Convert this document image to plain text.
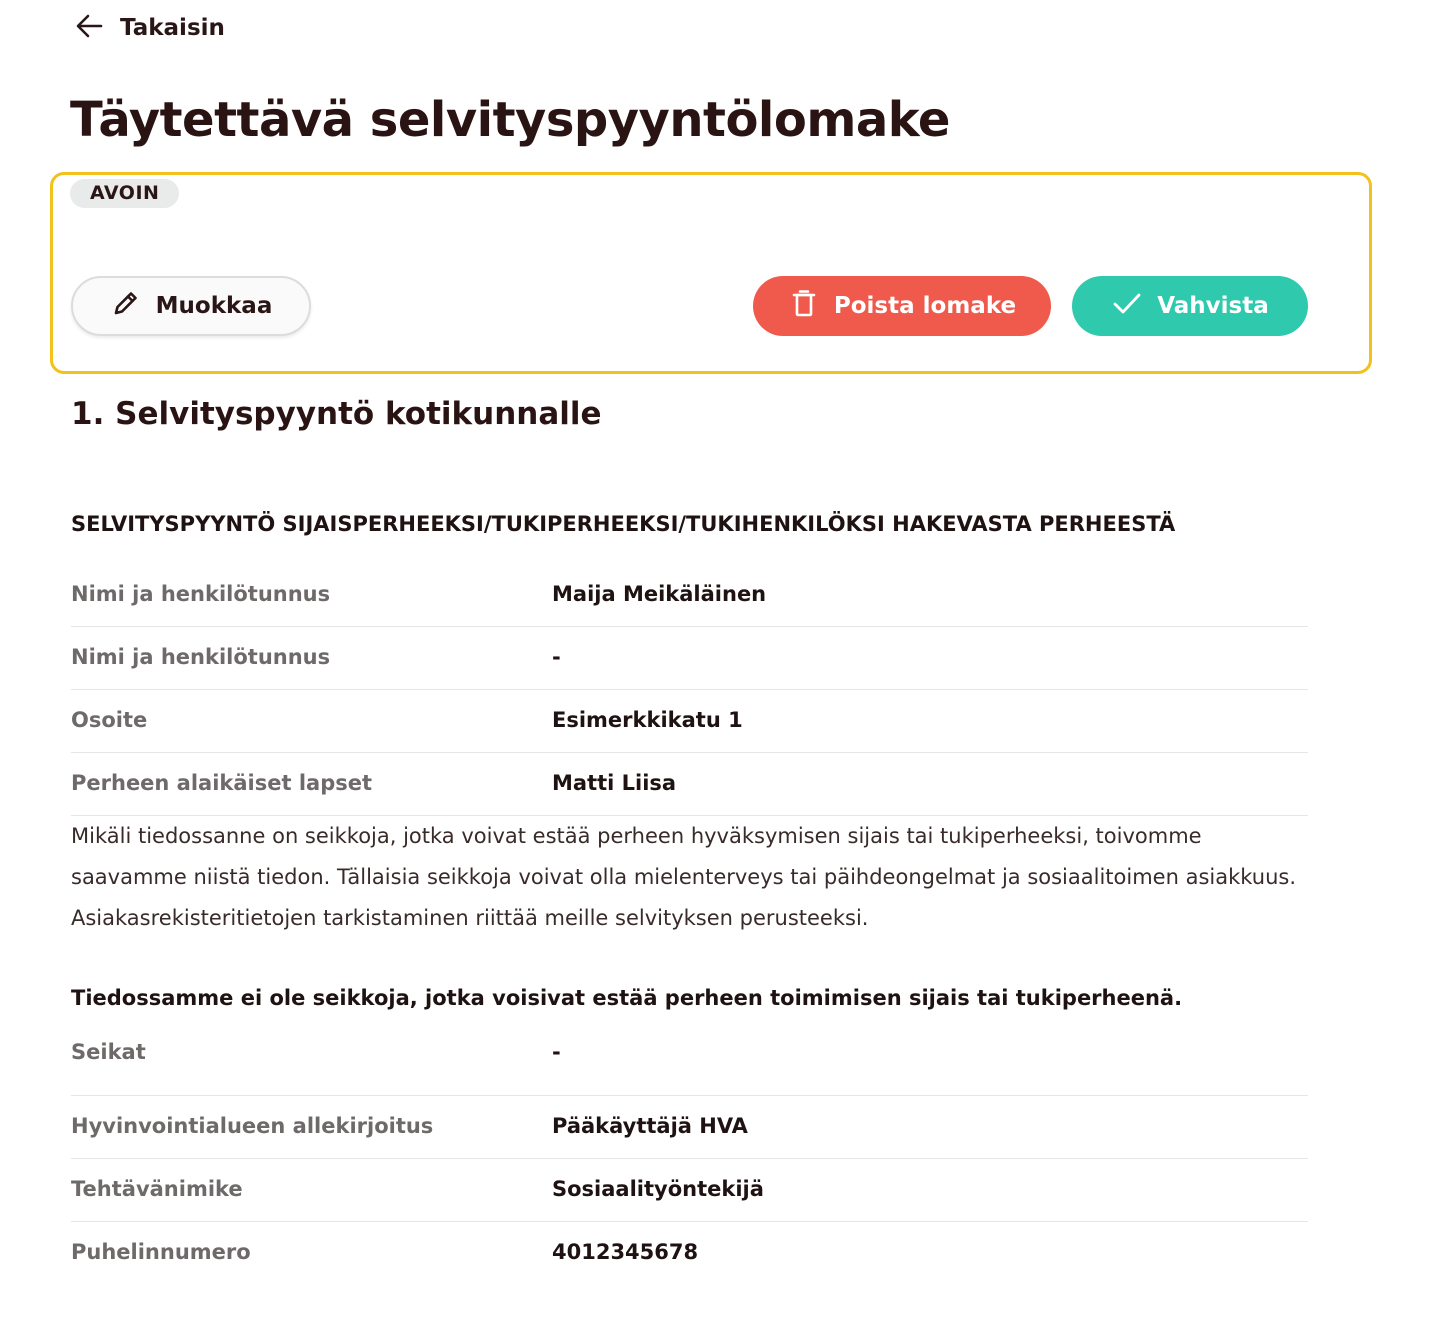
Takaisin
Täytettävä selvityspyyntölomake
AVOIN
Muokkaa	Poista lomake	Vahvista
1. Selvityspyyntö kotikunnalle
SELVITYSPYYNTÖ SIJAISPERHEEKSI/TUKIPERHEEKSI/TUKIHENKILÖKSI HAKEVASTA PERHEESTÄ
Nimi ja henkilötunnus	Maija Meikäläinen
Nimi ja henkilötunnus	-
Osoite	Esimerkkikatu 1
Perheen alaikäiset lapset	Matti Liisa

Mikäli tiedossanne on seikkoja, jotka voivat estää perheen hyväksymisen sijais tai tukiperheeksi, toivomme saavamme niistä tiedon. Tällaisia seikkoja voivat olla mielenterveys tai päihdeongelmat ja sosiaalitoimen asiakkuus. Asiakasrekisteritietojen tarkistaminen riittää meille selvityksen perusteeksi.

Tiedossamme ei ole seikkoja, jotka voisivat estää perheen toimimisen sijais tai tukiperheenä.

Seikat	-
Hyvinvointialueen allekirjoitus	Pääkäyttäjä HVA
Tehtävänimike	Sosiaalityöntekijä
Puhelinnumero	4012345678
